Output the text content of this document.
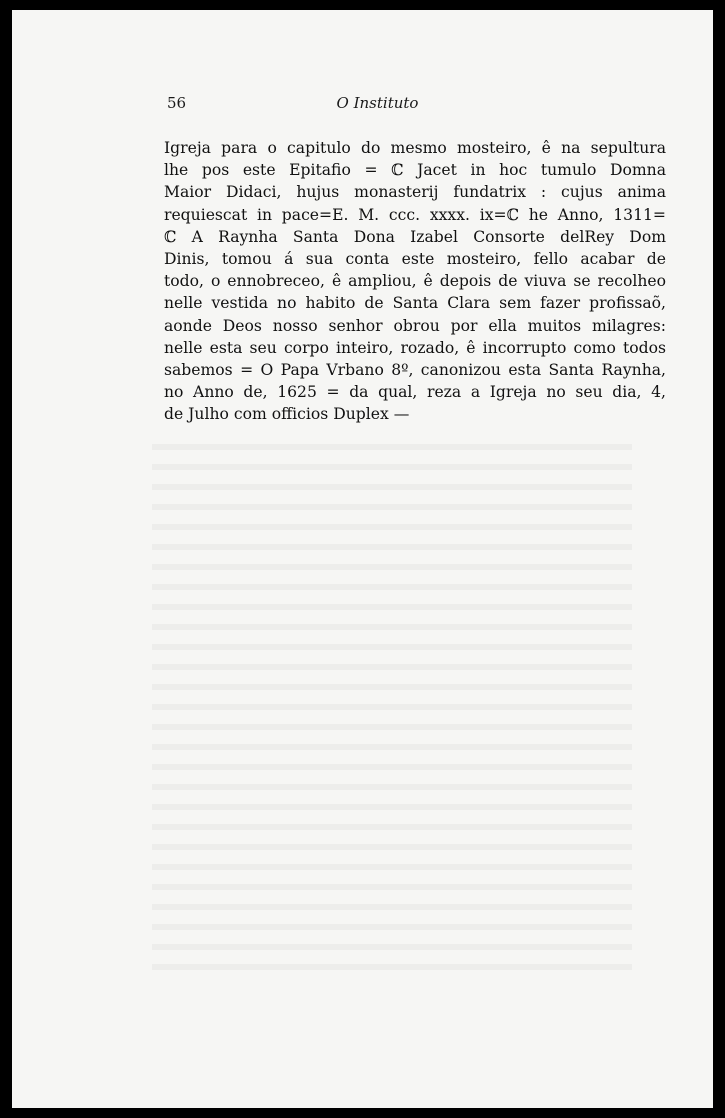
56	O Instituto
Igreja para o capitulo do mesmo mosteiro, ê na sepultura
lhe pos este Epitafio = ℂ Jacet in hoc tumulo Domna
Maior Didaci, hujus monasterij fundatrix : cujus anima
requiescat in pace=E. M. ccc. xxxx. ix=ℂ he Anno, 1311=
ℂ A Raynha Santa Dona Izabel Consorte delRey Dom
Dinis, tomou á sua conta este mosteiro, fello acabar de
todo, o ennobreceo, ê ampliou, ê depois de viuva se recolheo
nelle vestida no habito de Santa Clara sem fazer profissaõ,
aonde Deos nosso senhor obrou por ella muitos milagres:
nelle esta seu corpo inteiro, rozado, ê incorrupto como todos
sabemos = O Papa Vrbano 8º, canonizou esta Santa Raynha,
no Anno de, 1625 = da qual, reza a Igreja no seu dia, 4,
de Julho com officios Duplex —
